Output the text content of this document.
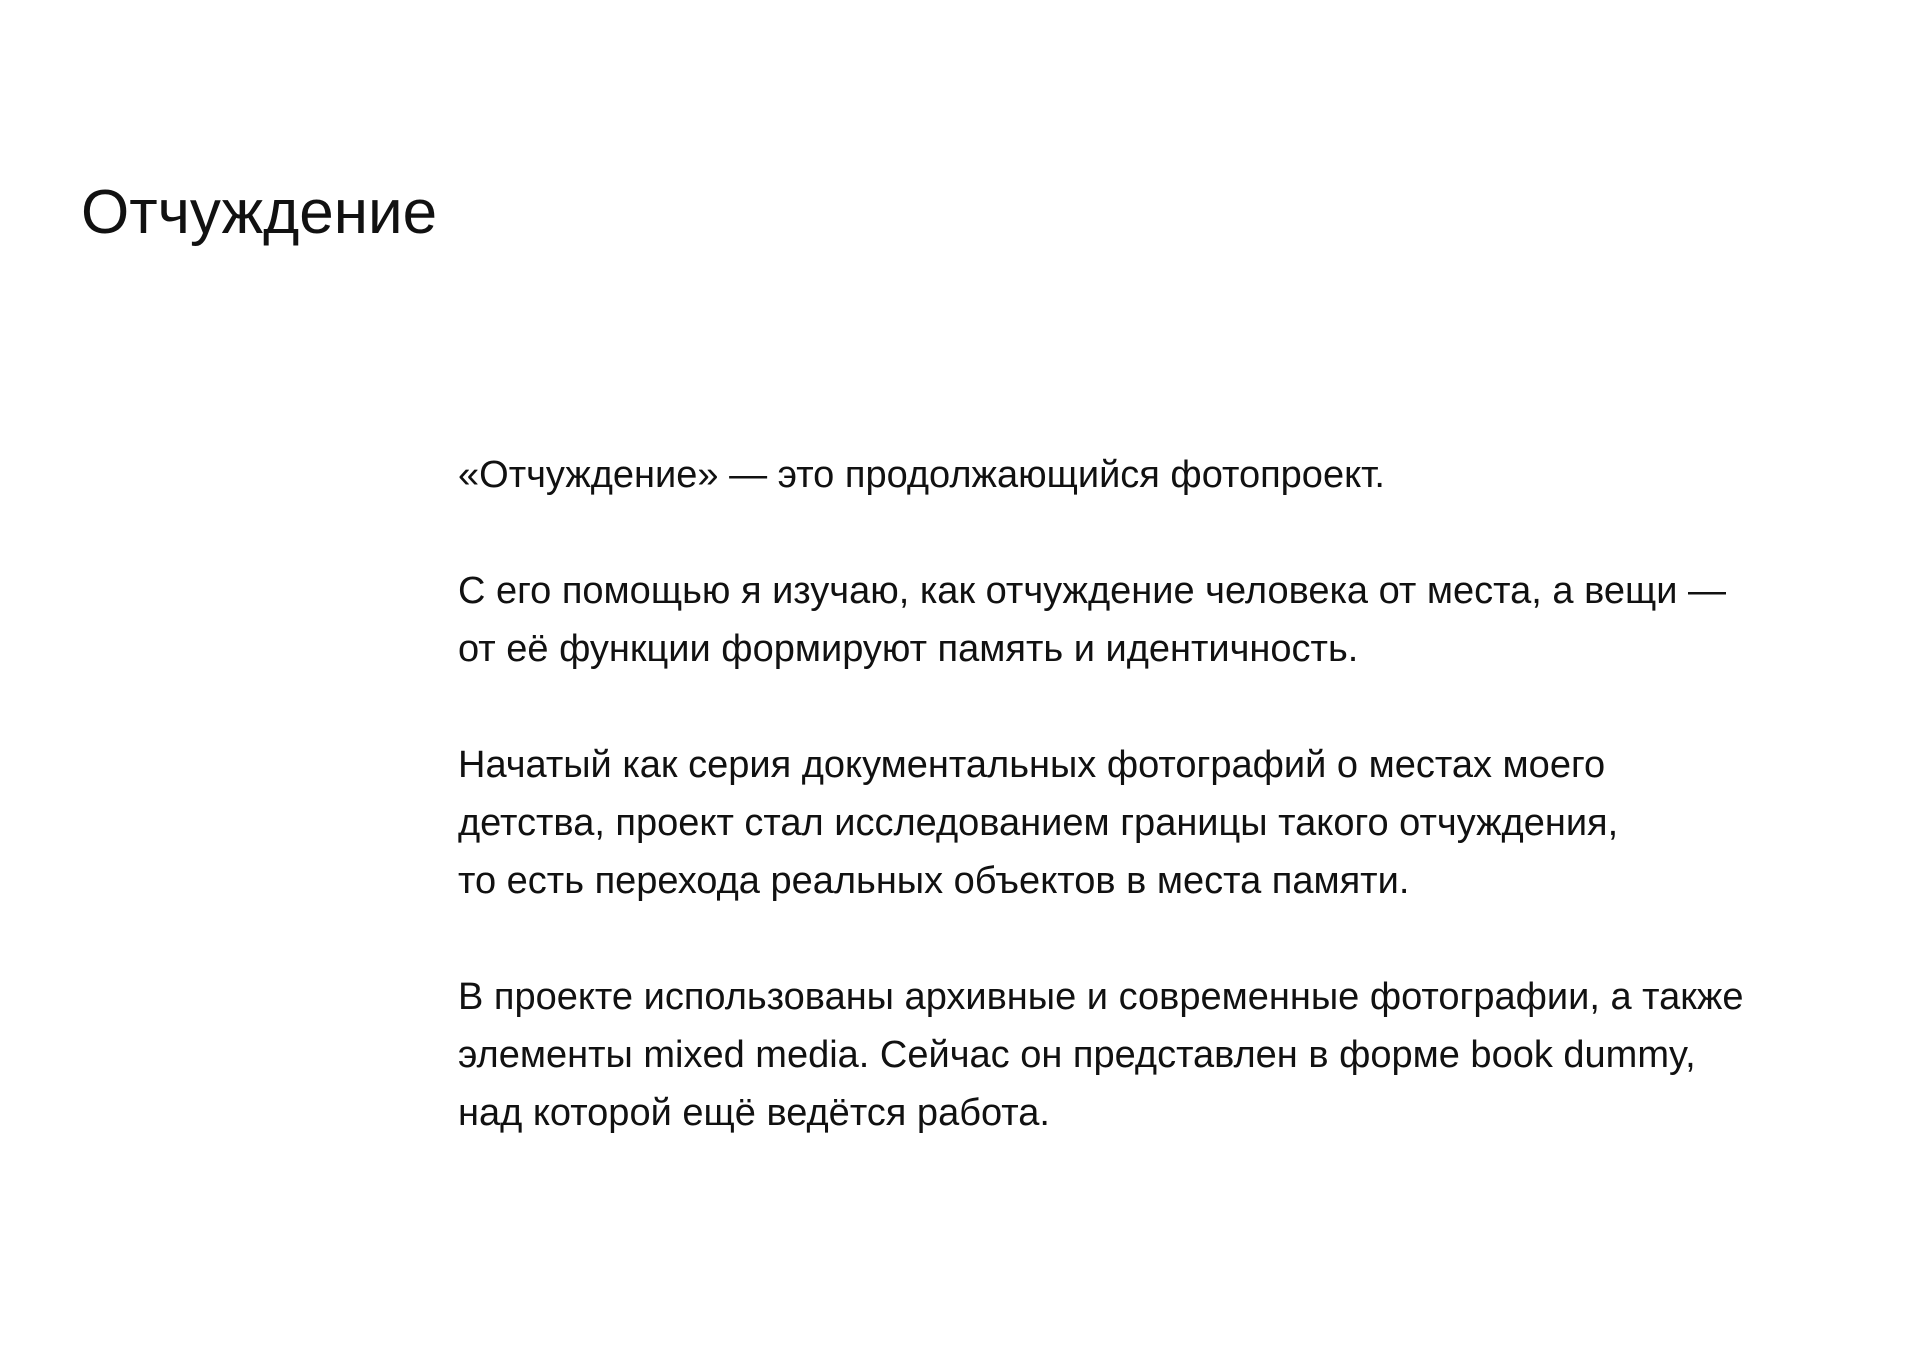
Отчуждение

«Отчуждение» — это продолжающийся фотопроект.

С его помощью я изучаю, как отчуждение человека от места, а вещи —
от её функции формируют память и идентичность.

Начатый как серия документальных фотографий о местах моего
детства, проект стал исследованием границы такого отчуждения,
то есть перехода реальных объектов в места памяти.

В проекте использованы архивные и современные фотографии, а также
элементы mixed media. Сейчас он представлен в форме book dummy,
над которой ещё ведётся работа.
